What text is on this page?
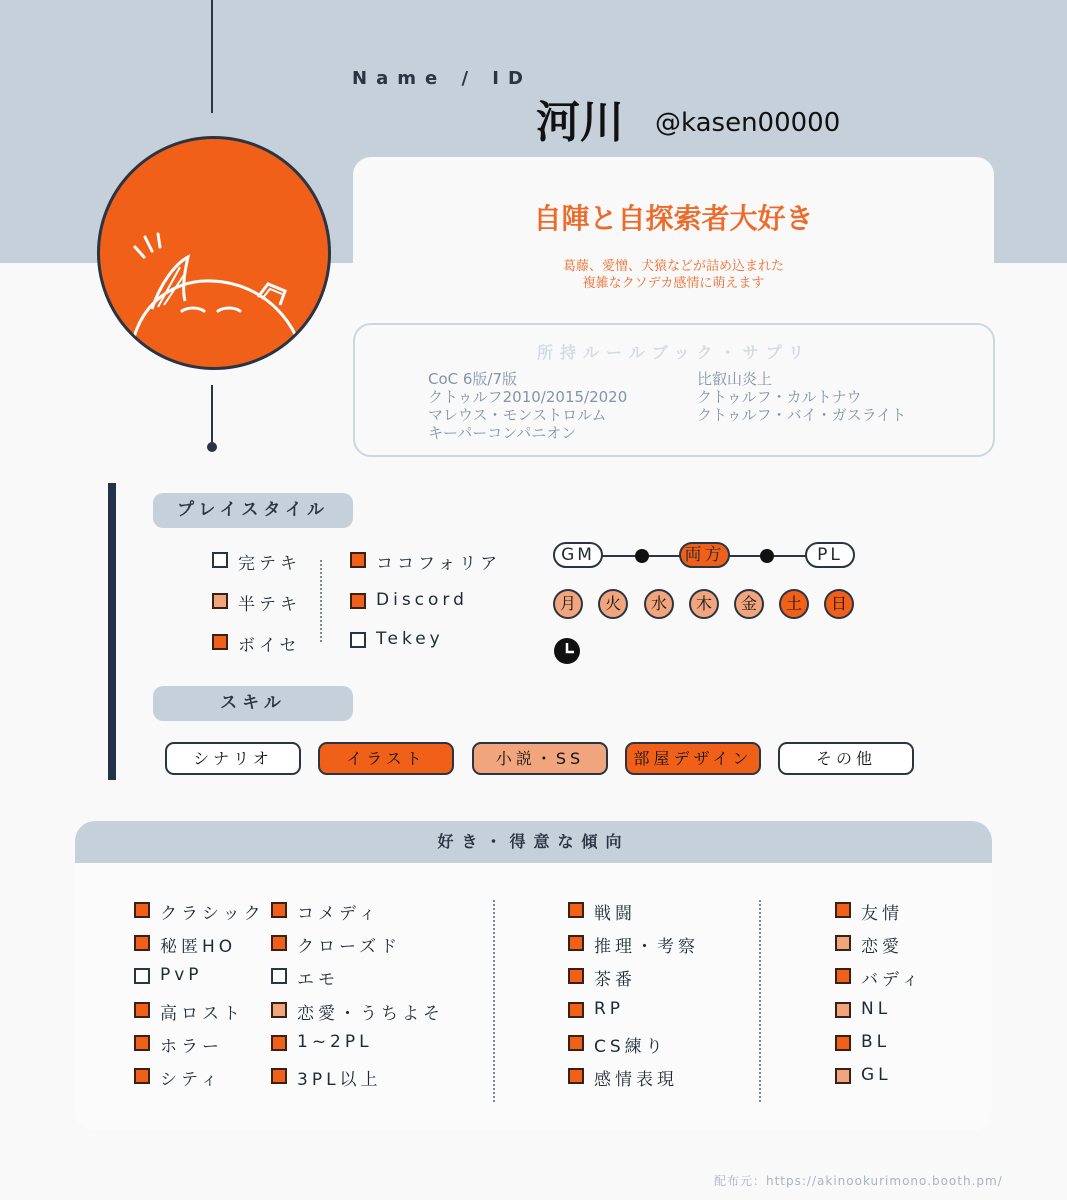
Name / ID
河川 @kasen00000
自陣と自探索者大好き
葛藤、愛憎、犬猿などが詰め込まれた
複雑なクソデカ感情に萌えます
所持ルールブック・サプリ
CoC 6版/7版
クトゥルフ2010/2015/2020
マレウス・モンストロルム
キーパーコンパニオン
比叡山炎上
クトゥルフ・カルトナウ
クトゥルフ・バイ・ガスライト
プレイスタイル
完テキ
半テキ
ボイセ
ココフォリア
Discord
Tekey
GM	両方	PL
月	火	水	木	金	土	日
スキル
シナリオ	イラスト	小説・SS	部屋デザイン	その他
好き・得意な傾向
クラシック
秘匿HO
PvP
高ロスト
ホラー
シティ
コメディ
クローズド
エモ
恋愛・うちよそ
1~2PL
3PL以上
戦闘
推理・考察
茶番
RP
CS練り
感情表現
友情
恋愛
バディ
NL
BL
GL
配布元：https://akinookurimono.booth.pm/
